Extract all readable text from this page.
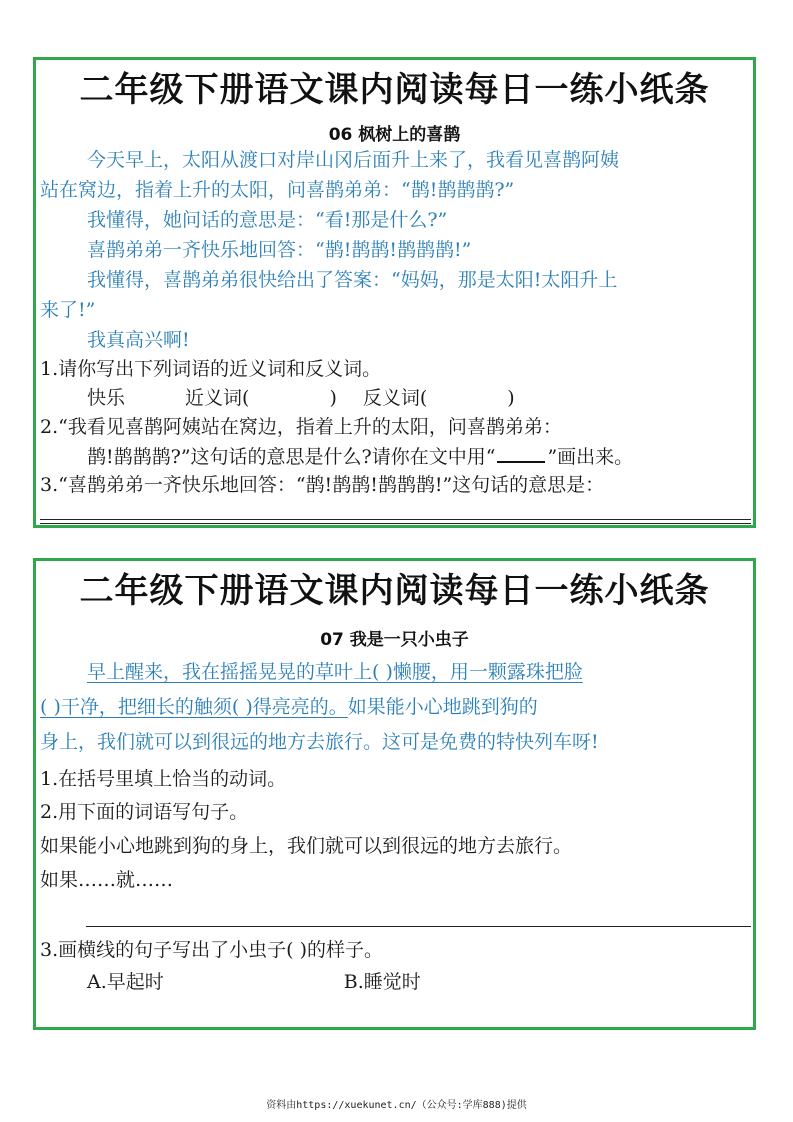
二年级下册语文课内阅读每日一练小纸条
06 枫树上的喜鹊
今天早上，太阳从渡口对岸山冈后面升上来了，我看见喜鹊阿姨
站在窝边，指着上升的太阳，问喜鹊弟弟：“鹊!鹊鹊鹊?”
我懂得，她问话的意思是：“看!那是什么?”
喜鹊弟弟一齐快乐地回答：“鹊!鹊鹊!鹊鹊鹊!”
我懂得，喜鹊弟弟很快给出了答案：“妈妈，那是太阳!太阳升上
来了!”
我真高兴啊!
1.请你写出下列词语的近义词和反义词。
快乐	近义词(	) 反义词(	)
2.“我看见喜鹊阿姨站在窝边，指着上升的太阳，问喜鹊弟弟：
鹊!鹊鹊鹊?”这句话的意思是什么?请你在文中用“	”画出来。
3.“喜鹊弟弟一齐快乐地回答：“鹊!鹊鹊!鹊鹊鹊!”这句话的意思是：
二年级下册语文课内阅读每日一练小纸条
07 我是一只小虫子
早上醒来，我在摇摇晃晃的草叶上( )懒腰，用一颗露珠把脸
( )干净，把细长的触须( )得亮亮的。如果能小心地跳到狗的
身上，我们就可以到很远的地方去旅行。这可是免费的特快列车呀!
1.在括号里填上恰当的动词。
2.用下面的词语写句子。
如果能小心地跳到狗的身上，我们就可以到很远的地方去旅行。
如果……就……
3.画横线的句子写出了小虫子( )的样子。
A.早起时	B.睡觉时
资料由https://xuekunet.cn/（公众号:学库888)提供
